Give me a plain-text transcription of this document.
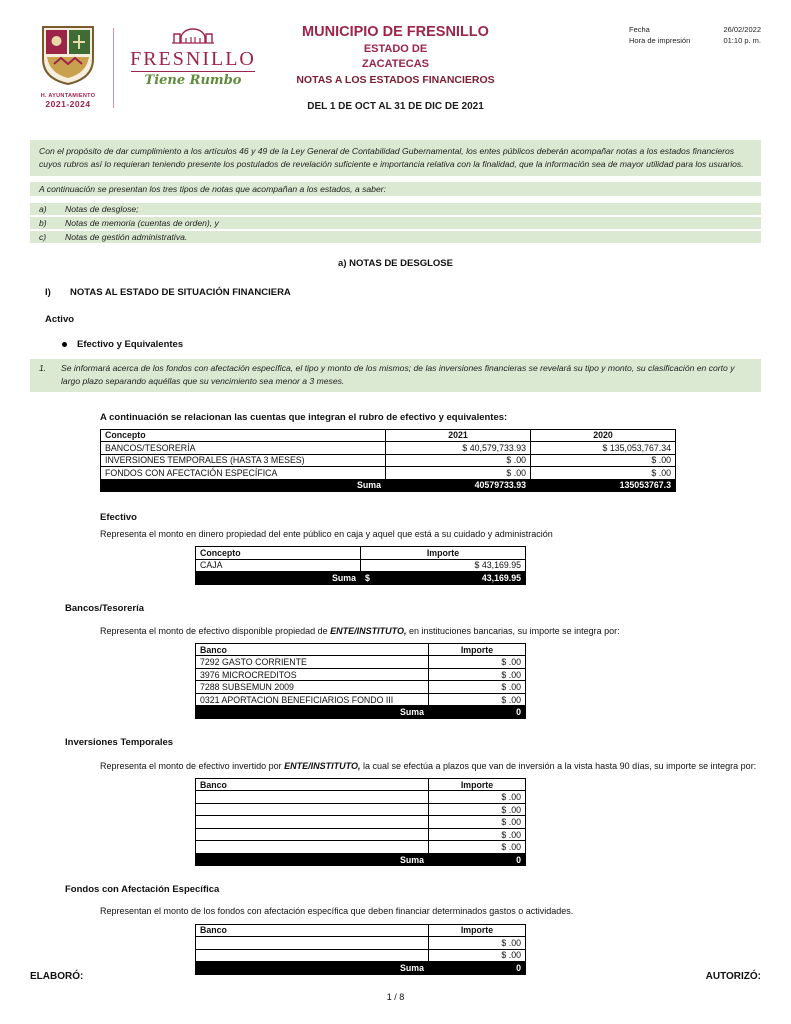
H. AYUNTAMIENTO
2021-2024
FRESNILLO
Tiene Rumbo
MUNICIPIO DE FRESNILLO
ESTADO DE
ZACATECAS
NOTAS A LOS ESTADOS FINANCIEROS
DEL 1 DE OCT AL 31 DE DIC DE 2021
Fecha	26/02/2022
Hora de impresión	01:10 p. m.
Con el propósito de dar cumplimiento a los artículos 46 y 49 de la Ley General de Contabilidad Gubernamental, los entes públicos deberán acompañar notas a los estados financieros cuyos rubros así lo requieran teniendo presente los postulados de revelación suficiente e importancia relativa con la finalidad, que la información sea de mayor utilidad para los usuarios.
A continuación se presentan los tres tipos de notas que acompañan a los estados, a saber:
a)	Notas de desglose;
b)	Notas de memoria (cuentas de orden), y
c)	Notas de gestión administrativa.
a) NOTAS DE DESGLOSE
I)	NOTAS AL ESTADO DE SITUACIÓN FINANCIERA
Activo
Efectivo y Equivalentes
1.	Se informará acerca de los fondos con afectación específica, el tipo y monto de los mismos; de las inversiones financieras se revelará su tipo y monto, su clasificación en corto y largo plazo separando aquéllas que su vencimiento sea menor a 3 meses.
A continuación se relacionan las cuentas que integran el rubro de efectivo y equivalentes:
Concepto	2021	2020
BANCOS/TESORERÍA	$ 40,579,733.93	$ 135,053,767.34
INVERSIONES TEMPORALES (HASTA 3 MESES)	$ .00	$ .00
FONDOS CON AFECTACIÓN ESPECÍFICA	$ .00	$ .00
Suma	40579733.93	135053767.3
Efectivo
Representa el monto en dinero propiedad del ente público en caja y aquel que está a su cuidado y administración
Concepto	Importe
CAJA	$ 43,169.95
Suma	$ 43,169.95
Bancos/Tesorería
Representa el monto de efectivo disponible propiedad de ENTE/INSTITUTO, en instituciones bancarias, su importe se integra por:
Banco	Importe
7292 GASTO CORRIENTE	$ .00
3976 MICROCREDITOS	$ .00
7288 SUBSEMUN 2009	$ .00
0321 APORTACION BENEFICIARIOS FONDO III	$ .00
Suma	0
Inversiones Temporales
Representa el monto de efectivo invertido por ENTE/INSTITUTO, la cual se efectúa a plazos que van de inversión a la vista hasta 90 días, su importe se integra por:
Banco	Importe
	$ .00
	$ .00
	$ .00
	$ .00
	$ .00
Suma	0
Fondos con Afectación Específica
Representan el monto de los fondos con afectación específica que deben financiar determinados gastos o actividades.
Banco	Importe
	$ .00
	$ .00
Suma	0
ELABORÓ:	AUTORIZÓ:
1 / 8
